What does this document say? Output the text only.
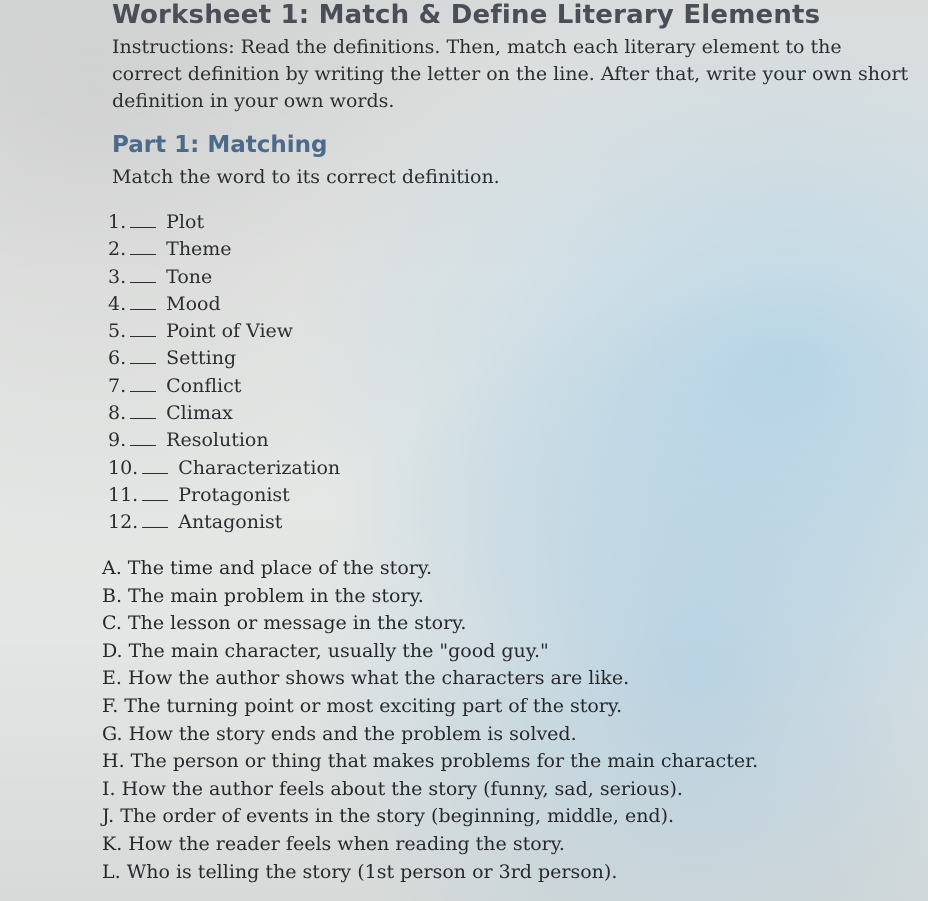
Worksheet 1: Match & Define Literary Elements
Instructions: Read the definitions. Then, match each literary element to the correct definition by writing the letter on the line. After that, write your own short definition in your own words.
Part 1: Matching
Match the word to its correct definition.
1. Plot
2. Theme
3. Tone
4. Mood
5. Point of View
6. Setting
7. Conflict
8. Climax
9. Resolution
10. Characterization
11. Protagonist
12. Antagonist
A. The time and place of the story.
B. The main problem in the story.
C. The lesson or message in the story.
D. The main character, usually the "good guy."
E. How the author shows what the characters are like.
F. The turning point or most exciting part of the story.
G. How the story ends and the problem is solved.
H. The person or thing that makes problems for the main character.
I. How the author feels about the story (funny, sad, serious).
J. The order of events in the story (beginning, middle, end).
K. How the reader feels when reading the story.
L. Who is telling the story (1st person or 3rd person).
